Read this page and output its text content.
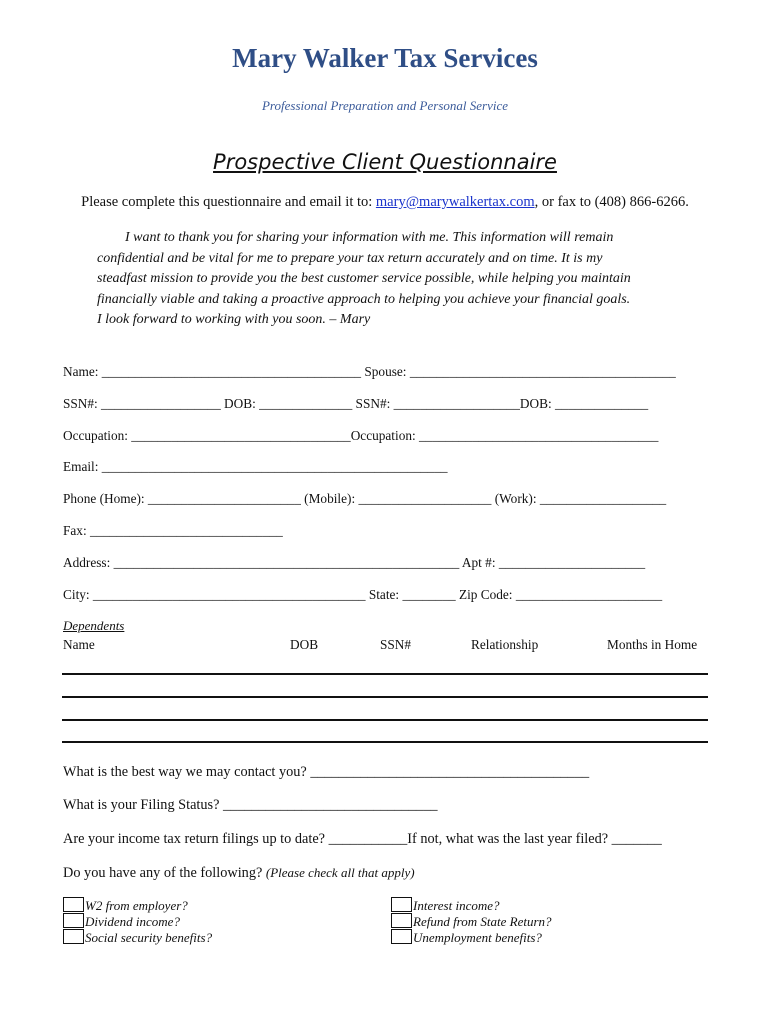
Mary Walker Tax Services
Professional Preparation and Personal Service
Prospective Client Questionnaire
Please complete this questionnaire and email it to: mary@marywalkertax.com, or fax to (408) 866-6266.

I want to thank you for sharing your information with me. This information will remain

confidential and be vital for me to prepare your tax return accurately and on time. It is my

steadfast mission to provide you the best customer service possible, while helping you maintain

financially viable and taking a proactive approach to helping you achieve your financial goals.

I look forward to working with you soon. – Mary

Name: _______________________________________ Spouse: ________________________________________
SSN#: __________________ DOB: ______________ SSN#: ___________________DOB: ______________
Occupation: _________________________________Occupation: ____________________________________
Email: ____________________________________________________
Phone (Home): _______________________ (Mobile): ____________________ (Work): ___________________
Fax: _____________________________
Address: ____________________________________________________ Apt #: ______________________
City: _________________________________________ State: ________ Zip Code: ______________________
Dependents
Name	DOB	SSN#	Relationship	Months in Home
What is the best way we may contact you? _______________________________________
What is your Filing Status? ______________________________
Are your income tax return filings up to date? ___________If not, what was the last year filed? _______
Do you have any of the following? (Please check all that apply)
W2 from employer?
Dividend income?
Social security benefits?
Interest income?
Refund from State Return?
Unemployment benefits?
